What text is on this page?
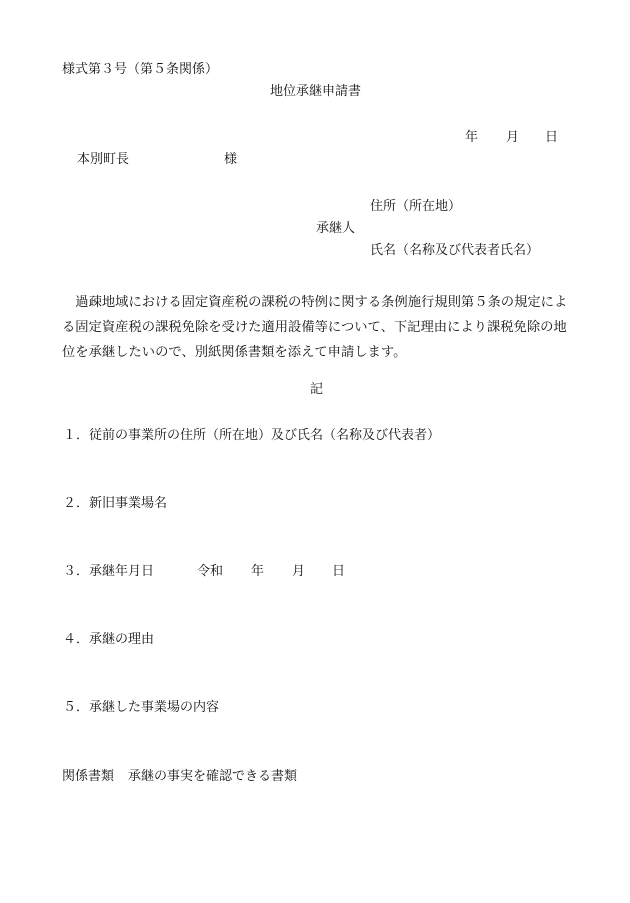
様式第３号（第５条関係）
地位承継申請書
年 月 日
本別町長	様
住所（所在地）
承継人
氏名（名称及び代表者氏名）
過疎地域における固定資産税の課税の特例に関する条例施行規則第５条の規定による固定資産税の課税免除を受けた適用設備等について、下記理由により課税免除の地位を承継したいので、別紙関係書類を添えて申請します。
記
１．従前の事業所の住所（所在地）及び氏名（名称及び代表者）
２．新旧事業場名
３．承継年月日	令和 年 月 日
４．承継の理由
５．承継した事業場の内容
関係書類 承継の事実を確認できる書類
